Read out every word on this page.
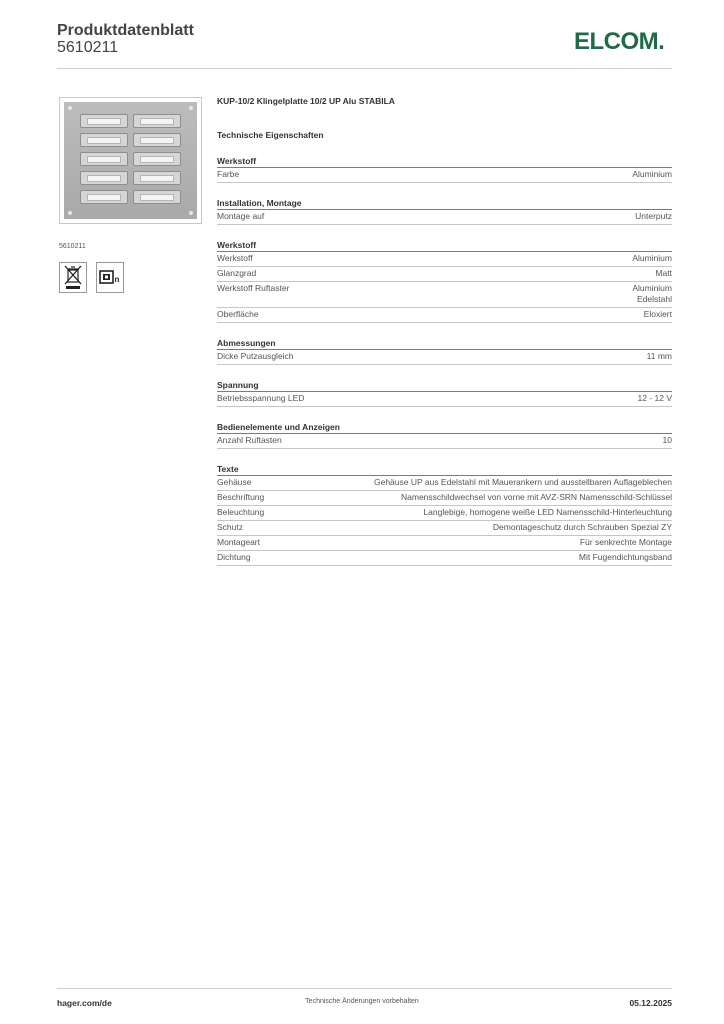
Produktdatenblatt
5610211	ELCOM.
5610211
n
KUP-10/2 Klingelplatte 10/2 UP Alu STABILA
Technische Eigenschaften
Werkstoff
Farbe	Aluminium
Installation, Montage
Montage auf	Unterputz
Werkstoff
Werkstoff	Aluminium
Glanzgrad	Matt
Werkstoff Ruftaster	Aluminium
Edelstahl
Oberfläche	Eloxiert
Abmessungen
Dicke Putzausgleich	11 mm
Spannung
Betriebsspannung LED	12 - 12 V
Bedienelemente und Anzeigen
Anzahl Ruftasten	10
Texte
Gehäuse	Gehäuse UP aus Edelstahl mit Mauerankern und ausstellbaren Auflageblechen
Beschriftung	Namensschildwechsel von vorne mit AVZ-SRN Namensschild-Schlüssel
Beleuchtung	Langlebige, homogene weiße LED Namensschild-Hinterleuchtung
Schutz	Demontageschutz durch Schrauben Spezial ZY
Montageart	Für senkrechte Montage
Dichtung	Mit Fugendichtungsband
hager.com/de	Technische Änderungen vorbehalten	05.12.2025
